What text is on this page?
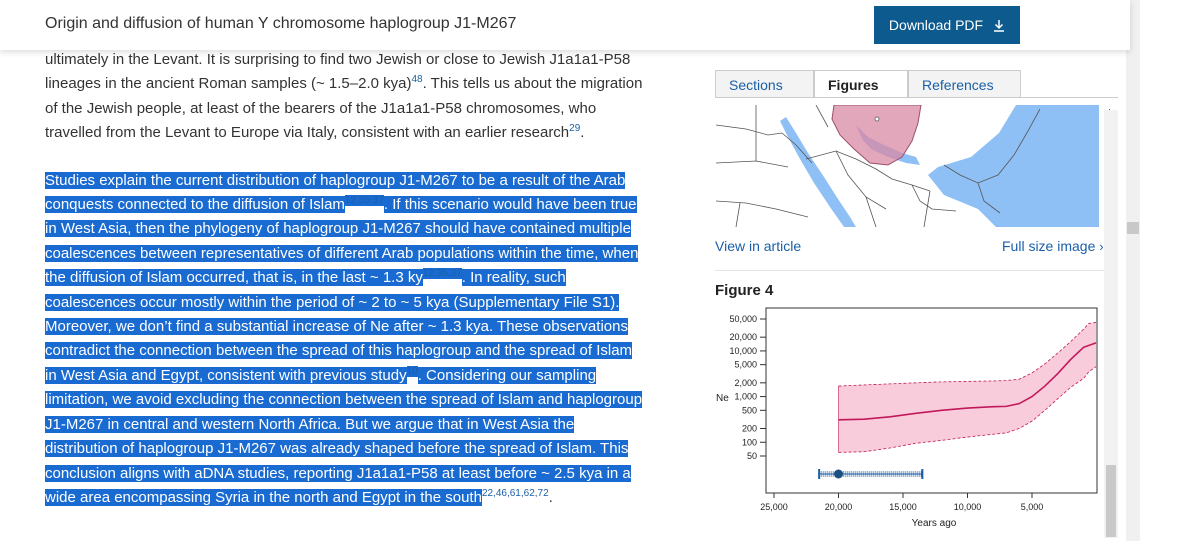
Origin and diffusion of human Y chromosome haplogroup J1-M267	Download PDF

ultimately in the Levant. It is surprising to find two Jewish or close to Jewish J1a1a1-P58 lineages in the ancient Roman samples (~ 1.5–2.0 kya)$^{48}$. This tells us about the migration of the Jewish people, at least of the bearers of the J1a1a1-P58 chromosomes, who travelled from the Levant to Europe via Italy, consistent with an earlier research$^{29}$.

Studies explain the current distribution of haplogroup J1-M267 to be a result of the Arab conquests connected to the diffusion of Islam$^{12,35,37}$. If this scenario would have been true in West Asia, then the phylogeny of haplogroup J1-M267 should have contained multiple coalescences between representatives of different Arab populations within the time, when the diffusion of Islam occurred, that is, in the last ~ 1.3 ky$^{12,35,37}$. In reality, such coalescences occur mostly within the period of ~ 2 to ~ 5 kya (Supplementary File S1). Moreover, we don’t find a substantial increase of Ne after ~ 1.3 kya. These observations contradict the connection between the spread of this haplogroup and the spread of Islam in West Asia and Egypt, consistent with previous study$^{10}$. Considering our sampling limitation, we avoid excluding the connection between the spread of Islam and haplogroup J1-M267 in central and western North Africa. But we argue that in West Asia the distribution of haplogroup J1-M267 was already shaped before the spread of Islam. This conclusion aligns with aDNA studies, reporting J1a1a1-P58 at least before ~ 2.5 kya in a wide area encompassing Syria in the north and Egypt in the south$^{22,46,61,62,72}$.

Sections	Figures	References
View in article	Full size image ›
Figure 4
50
100
200
500
1,000
2,000
5,000
10,000
20,000
50,000
25,000	20,000	15,000	10,000	5,000
Ne
Years ago
